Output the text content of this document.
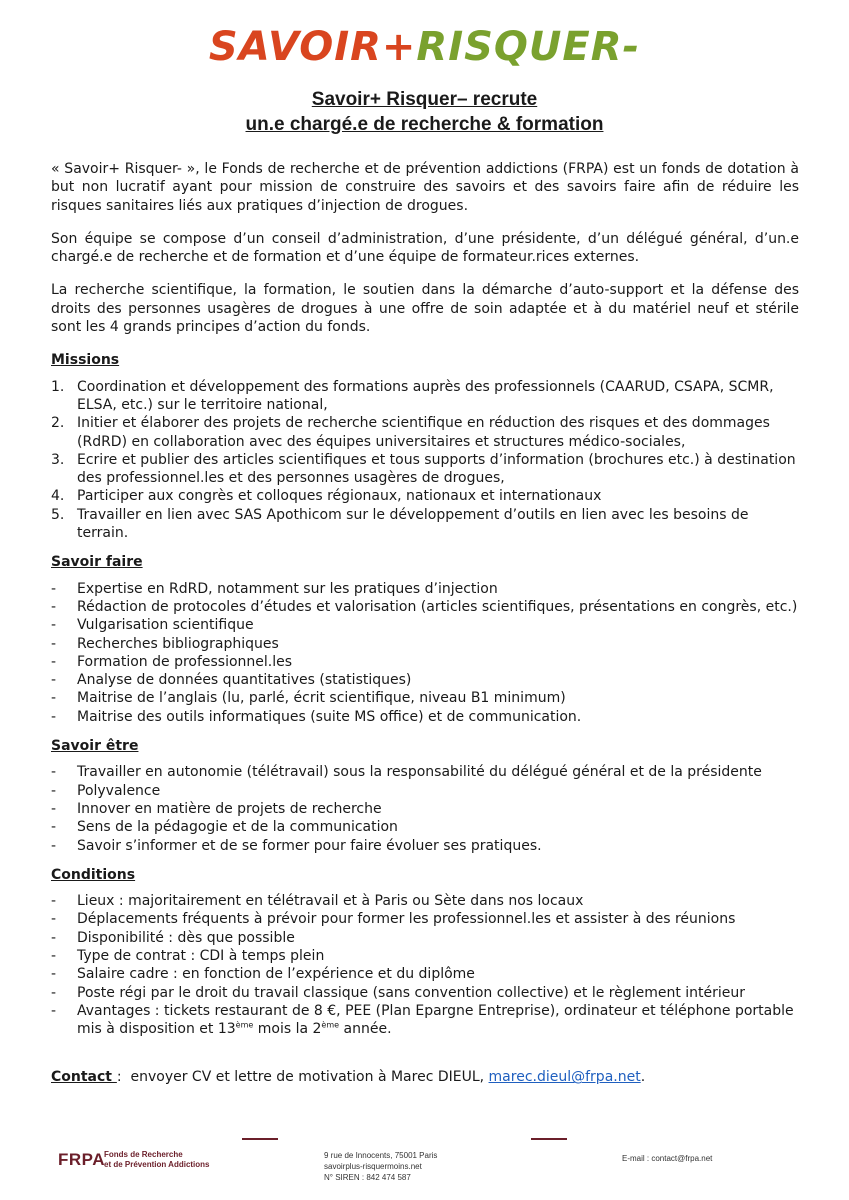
SAVOIR+RISQUER-
Savoir+ Risquer– recrute
un.e chargé.e de recherche & formation

« Savoir+ Risquer- », le Fonds de recherche et de prévention addictions (FRPA) est un fonds de dotation à but non lucratif ayant pour mission de construire des savoirs et des savoirs faire afin de réduire les risques sanitaires liés aux pratiques d’injection de drogues.

Son équipe se compose d’un conseil d’administration, d’une présidente, d’un délégué général, d’un.e chargé.e de recherche et de formation et d’une équipe de formateur.rices externes.

La recherche scientifique, la formation, le soutien dans la démarche d’auto-support et la défense des droits des personnes usagères de drogues à une offre de soin adaptée et à du matériel neuf et stérile sont les 4 grands principes d’action du fonds.

Missions
1. Coordination et développement des formations auprès des professionnels (CAARUD, CSAPA, SCMR, ELSA, etc.) sur le territoire national,
2. Initier et élaborer des projets de recherche scientifique en réduction des risques et des dommages (RdRD) en collaboration avec des équipes universitaires et structures médico-sociales,
3. Ecrire et publier des articles scientifiques et tous supports d’information (brochures etc.) à destination des professionnel.les et des personnes usagères de drogues,
4. Participer aux congrès et colloques régionaux, nationaux et internationaux
5. Travailler en lien avec SAS Apothicom sur le développement d’outils en lien avec les besoins de terrain.
Savoir faire
- Expertise en RdRD, notamment sur les pratiques d’injection
- Rédaction de protocoles d’études et valorisation (articles scientifiques, présentations en congrès, etc.)
- Vulgarisation scientifique
- Recherches bibliographiques
- Formation de professionnel.les
- Analyse de données quantitatives (statistiques)
- Maitrise de l’anglais (lu, parlé, écrit scientifique, niveau B1 minimum)
- Maitrise des outils informatiques (suite MS office) et de communication.
Savoir être
- Travailler en autonomie (télétravail) sous la responsabilité du délégué général et de la présidente
- Polyvalence
- Innover en matière de projets de recherche
- Sens de la pédagogie et de la communication
- Savoir s’informer et de se former pour faire évoluer ses pratiques.
Conditions
- Lieux : majoritairement en télétravail et à Paris ou Sète dans nos locaux
- Déplacements fréquents à prévoir pour former les professionnel.les et assister à des réunions
- Disponibilité : dès que possible
- Type de contrat : CDI à temps plein
- Salaire cadre : en fonction de l’expérience et du diplôme
- Poste régi par le droit du travail classique (sans convention collective) et le règlement intérieur
- Avantages : tickets restaurant de 8 €, PEE (Plan Epargne Entreprise), ordinateur et téléphone portable mis à disposition et 13ème mois la 2ème année.
Contact :  envoyer CV et lettre de motivation à Marec DIEUL, marec.dieul@frpa.net.
FRPA
Fonds de Recherche
et de Prévention Addictions
9 rue de Innocents, 75001 Paris
savoirplus-risquermoins.net
N° SIREN : 842 474 587
E-mail : contact@frpa.net
